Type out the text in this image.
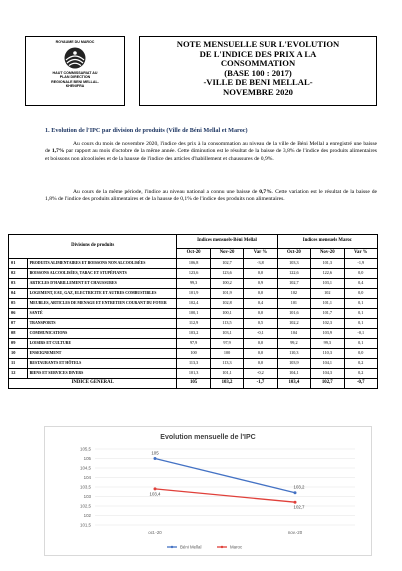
ROYAUME DU MAROC
HAUT COMMISSARIAT AU
PLAN DIRECTION
REGIONALE BENI MELLAL-
KHENIFRA
NOTE MENSUELLE SUR L'EVOLUTION
DE L'INDICE DES PRIX A LA
CONSOMMATION
(BASE 100 : 2017)
-VILLE DE BENI MELLAL-
NOVEMBRE 2020
1. Evolution de l'IPC par division de produits (Ville de Béni Mellal et Maroc)
Au cours du mois de novembre 2020, l'indice des prix à la consommation au niveau de la ville de Béni Mellal a enregistré une baisse de 1,7% par rapport au mois d'octobre de la même année. Cette diminution est le résultat de la baisse de 3,8% de l'indice des produits alimentaires et boissons non alcoolisées et de la hausse de l'indice des articles d'habillement et chaussures de 0,9%.
Au cours de la même période, l'indice au niveau national a connu une baisse de 0,7%. Cette variation est le résultat de la baisse de 1,8% de l'indice des produits alimentaires et de la hausse de 0,1% de l'indice des produits non alimentaires.
Divisions de produits		Indices mensuels-Béni Mellal			Indices mensuels Maroc		
		Oct-20	Nov-20	Var %	Oct-20	Nov-20	Var %
01	PRODUITS ALIMENTAIRES ET BOISSONS NON ALCOOLISÉES	106,8	102,7	-3,8	103,3	101,3	-1,9
02	BOISSONS ALCOOLISÉES, TABAC ET STUPÉFIANTS	123,6	123,6	0,0	122,6	122,6	0,0
03	ARTICLES D'HABILLEMENT ET CHAUSSURES	99,3	100,2	0,9	102,7	103,1	0,4
04	LOGEMENT, EAU, GAZ, ELECTRICITE ET AUTRES COMBUSTIBLES	101,9	101,9	0,0	102	102	0,0
05	MEUBLES, ARTICLES DE MENAGE ET ENTRETIEN COURANT DU FOYER	102,4	102,8	0,4	101	101,1	0,1
06	SANTÉ	100,1	100,1	0,0	101,6	101,7	0,1
07	TRANSPORTS	112,9	113,5	0,5	102,2	102,3	0,1
08	COMMUNICATIONS	103,2	103,1	-0,1	104	103,9	-0,1
09	LOISIRS ET CULTURE	97,9	97,9	0,0	99,2	99,3	0,1
10	ENSEIGNEMENT	100	100	0,0	110,3	110,3	0,0
11	RESTAURANTS ET HÔTELS	113,3	113,3	0,0	103,9	104,1	0,2
12	BIENS ET SERVICES DIVERS	101,3	101,1	-0,2	104,1	104,3	0,2
INDICE GENERAL		105	103,2	-1,7	103,4	102,7	-0,7
Evolution mensuelle de l'IPC
105,5
105
104,5
104
103,5
103
102,5
102
101,5
oct.-20	nov.-20
105
103,2
103,4
102,7
Béni Mellal	Maroc
